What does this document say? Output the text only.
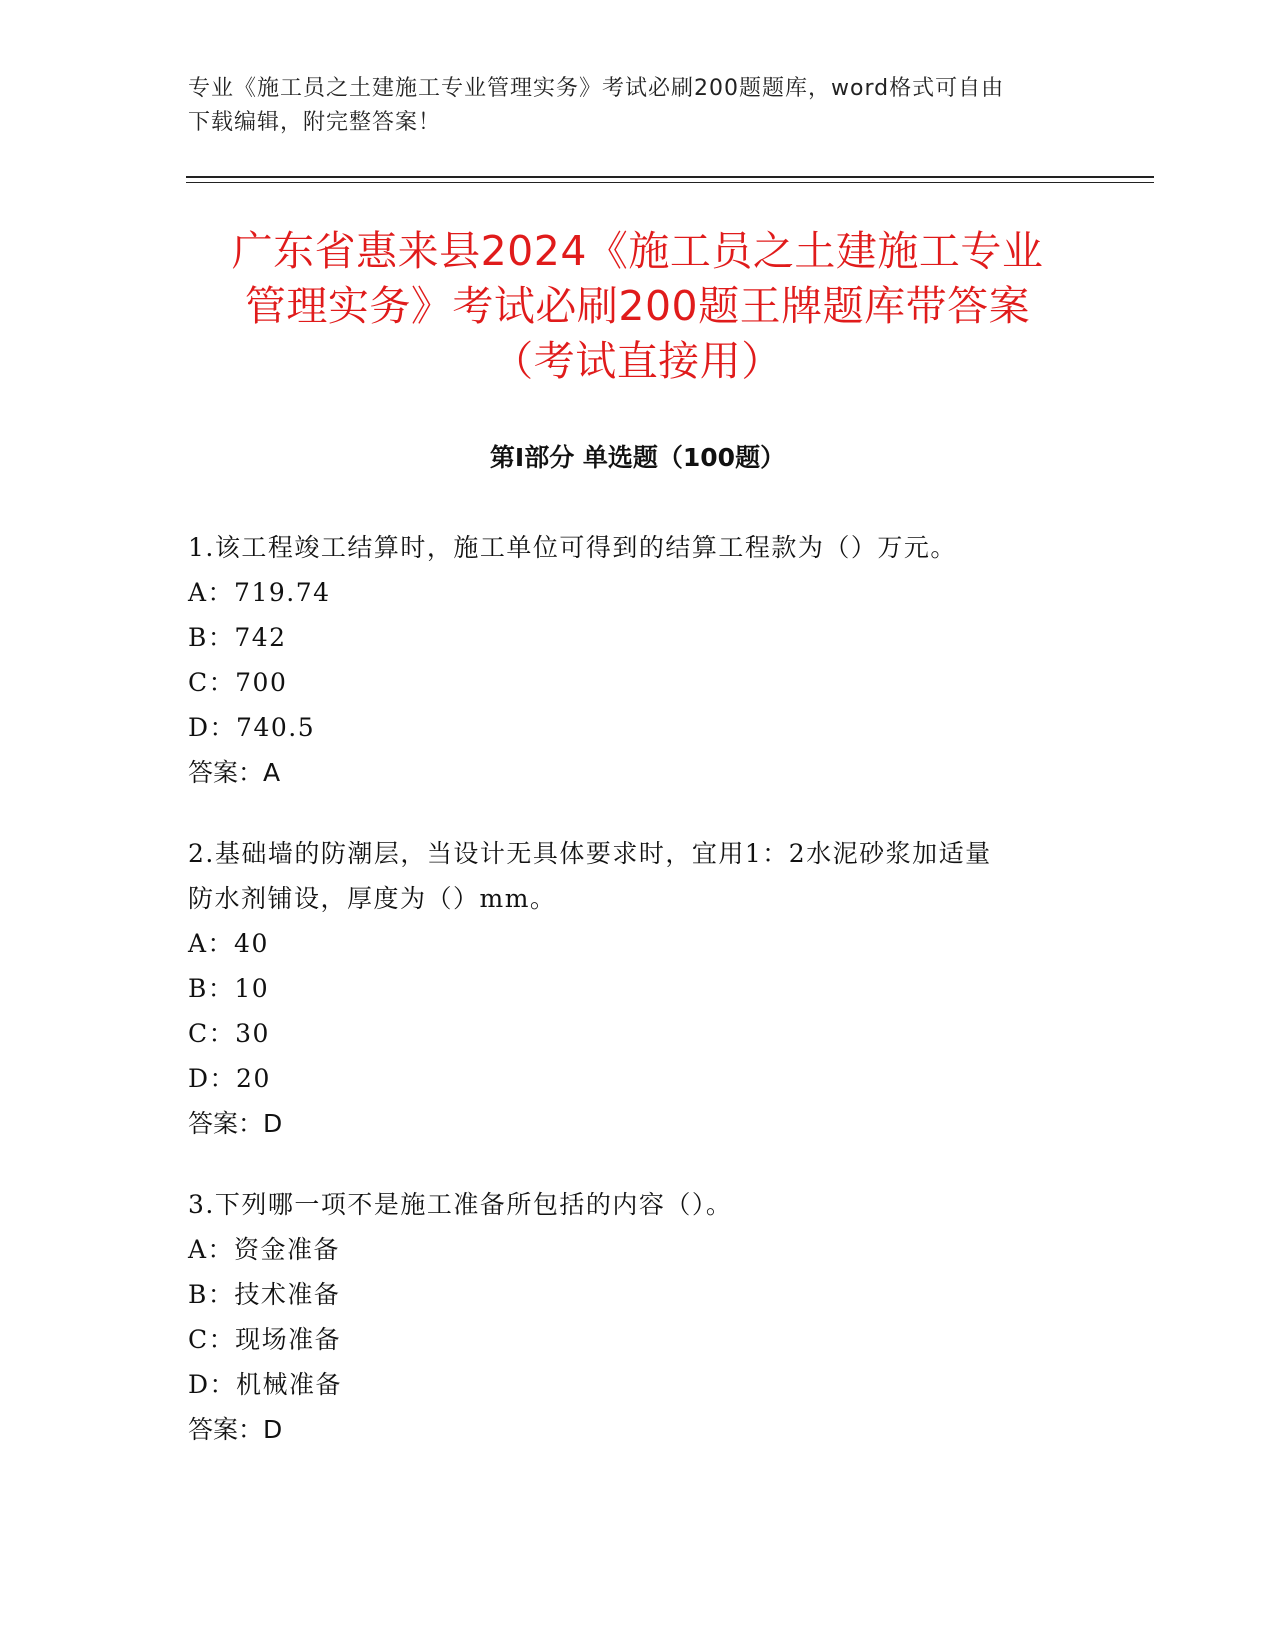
专业《施工员之土建施工专业管理实务》考试必刷200题题库，word格式可自由
下载编辑，附完整答案！
广东省惠来县2024《施工员之土建施工专业
管理实务》考试必刷200题王牌题库带答案
（考试直接用）
第Ⅰ部分 单选题（100题）
1.该工程竣工结算时，施工单位可得到的结算工程款为（）万元。
A：719.74
B：742
C：700
D：740.5
答案：A
2.基础墙的防潮层，当设计无具体要求时，宜用1：2水泥砂浆加适量
防水剂铺设，厚度为（）mm。
A：40
B：10
C：30
D：20
答案：D
3.下列哪一项不是施工准备所包括的内容（）。
A：资金准备
B：技术准备
C：现场准备
D：机械准备
答案：D
